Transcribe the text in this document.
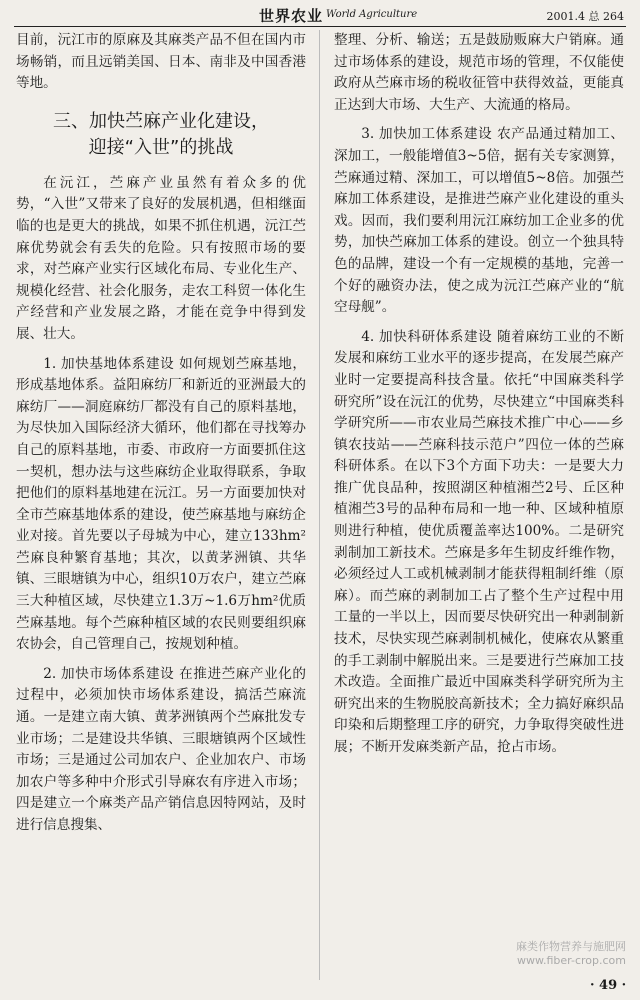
世界农业 World Agriculture	2001.4 总 264

目前，沅江市的原麻及其麻类产品不但在国内市场畅销，而且远销美国、日本、南非及中国香港等地。

三、加快苎麻产业化建设，
迎接“入世”的挑战

在沅江，苎麻产业虽然有着众多的优势，“入世”又带来了良好的发展机遇，但相继面临的也是更大的挑战，如果不抓住机遇，沅江苎麻优势就会有丢失的危险。只有按照市场的要求，对苎麻产业实行区域化布局、专业化生产、规模化经营、社会化服务，走农工科贸一体化生产经营和产业发展之路，才能在竞争中得到发展、壮大。

1. 加快基地体系建设 如何规划苎麻基地，形成基地体系。益阳麻纺厂和新近的亚洲最大的麻纺厂——洞庭麻纺厂都没有自己的原料基地，为尽快加入国际经济大循环，他们都在寻找筹办自己的原料基地，市委、市政府一方面要抓住这一契机，想办法与这些麻纺企业取得联系，争取把他们的原料基地建在沅江。另一方面要加快对全市苎麻基地体系的建设，使苎麻基地与麻纺企业对接。首先要以子母城为中心，建立133hm²苎麻良种繁育基地；其次，以黄茅洲镇、共华镇、三眼塘镇为中心，组织10万农户，建立苎麻三大种植区域，尽快建立1.3万~1.6万hm²优质苎麻基地。每个苎麻种植区域的农民则要组织麻农协会，自己管理自己，按规划种植。

2. 加快市场体系建设 在推进苎麻产业化的过程中，必须加快市场体系建设，搞活苎麻流通。一是建立南大镇、黄茅洲镇两个苎麻批发专业市场；二是建设共华镇、三眼塘镇两个区域性市场；三是通过公司加农户、企业加农户、市场加农户等多种中介形式引导麻农有序进入市场；四是建立一个麻类产品产销信息因特网站，及时进行信息搜集、

整理、分析、输送；五是鼓励贩麻大户销麻。通过市场体系的建设，规范市场的管理，不仅能使政府从苎麻市场的税收征管中获得效益，更能真正达到大市场、大生产、大流通的格局。

3. 加快加工体系建设 农产品通过精加工、深加工，一般能增值3~5倍，据有关专家测算，苎麻通过精、深加工，可以增值5~8倍。加强苎麻加工体系建设，是推进苎麻产业化建设的重头戏。因而，我们要利用沅江麻纺加工企业多的优势，加快苎麻加工体系的建设。创立一个独具特色的品牌，建设一个有一定规模的基地，完善一个好的融资办法，使之成为沅江苎麻产业的“航空母舰”。

4. 加快科研体系建设 随着麻纺工业的不断发展和麻纺工业水平的逐步提高，在发展苎麻产业时一定要提高科技含量。依托“中国麻类科学研究所”设在沅江的优势，尽快建立“中国麻类科学研究所——市农业局苎麻技术推广中心——乡镇农技站——苎麻科技示范户”四位一体的苎麻科研体系。在以下3个方面下功夫：一是要大力推广优良品种，按照湖区种植湘苎2号、丘区种植湘苎3号的品种布局和一地一种、区域种植原则进行种植，使优质覆盖率达100%。二是研究剥制加工新技术。苎麻是多年生韧皮纤维作物，必须经过人工或机械剥制才能获得粗制纤维（原麻）。而苎麻的剥制加工占了整个生产过程中用工量的一半以上，因而要尽快研究出一种剥制新技术，尽快实现苎麻剥制机械化，使麻农从繁重的手工剥制中解脱出来。三是要进行苎麻加工技术改造。全面推广最近中国麻类科学研究所为主研究出来的生物脱胶高新技术；全力搞好麻织品印染和后期整理工序的研究，力争取得突破性进展；不断开发麻类新产品，抢占市场。

麻类作物营养与施肥网
www.fiber-crop.com
· 49 ·
